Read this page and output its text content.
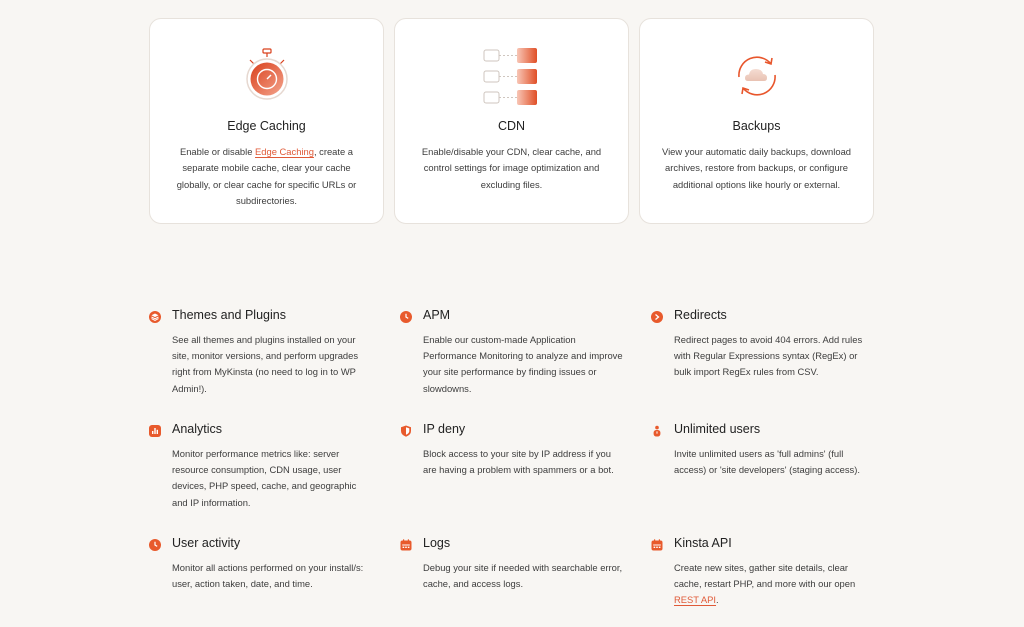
Edge Caching
Enable or disable Edge Caching, create a separate mobile cache, clear your cache globally, or clear cache for specific URLs or subdirectories.
CDN
Enable/disable your CDN, clear cache, and control settings for image optimization and excluding files.
Backups
View your automatic daily backups, download archives, restore from backups, or configure additional options like hourly or external.
Themes and Plugins
See all themes and plugins installed on your site, monitor versions, and perform upgrades right from MyKinsta (no need to log in to WP Admin!).
APM
Enable our custom-made Application Performance Monitoring to analyze and improve your site performance by finding issues or slowdowns.
Redirects
Redirect pages to avoid 404 errors. Add rules with Regular Expressions syntax (RegEx) or bulk import RegEx rules from CSV.
Analytics
Monitor performance metrics like: server resource consumption, CDN usage, user devices, PHP speed, cache, and geographic and IP information.
IP deny
Block access to your site by IP address if you are having a problem with spammers or a bot.
Unlimited users
Invite unlimited users as 'full admins' (full access) or 'site developers' (staging access).
User activity
Monitor all actions performed on your install/s: user, action taken, date, and time.
Logs
Debug your site if needed with searchable error, cache, and access logs.
Kinsta API
Create new sites, gather site details, clear cache, restart PHP, and more with our open REST API.
